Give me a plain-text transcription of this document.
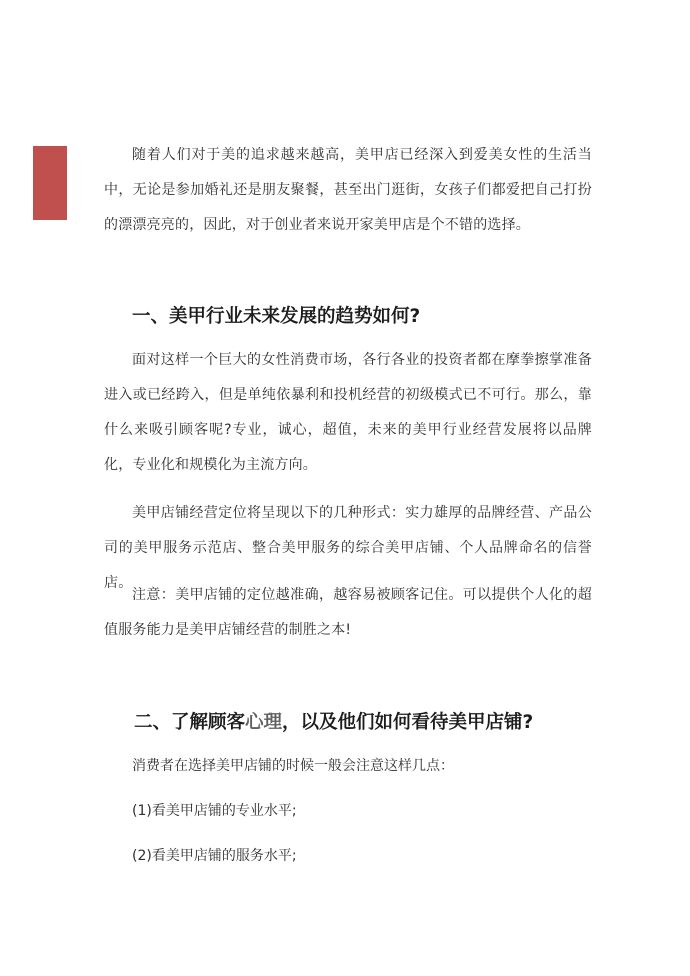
随着人们对于美的追求越来越高，美甲店已经深入到爱美女性的生活当中，无论是参加婚礼还是朋友聚餐，甚至出门逛街，女孩子们都爱把自己打扮的漂漂亮亮的，因此，对于创业者来说开家美甲店是个不错的选择。

一、美甲行业未来发展的趋势如何?

面对这样一个巨大的女性消费市场，各行各业的投资者都在摩拳擦掌准备进入或已经跨入，但是单纯依暴利和投机经营的初级模式已不可行。那么，靠什么来吸引顾客呢?专业，诚心，超值，未来的美甲行业经营发展将以品牌化，专业化和规模化为主流方向。

美甲店铺经营定位将呈现以下的几种形式：实力雄厚的品牌经营、产品公司的美甲服务示范店、整合美甲服务的综合美甲店铺、个人品牌命名的信誉店。

注意：美甲店铺的定位越准确，越容易被顾客记住。可以提供个人化的超值服务能力是美甲店铺经营的制胜之本!

二、了解顾客心理，以及他们如何看待美甲店铺?

消费者在选择美甲店铺的时候一般会注意这样几点：

(1)看美甲店铺的专业水平;

(2)看美甲店铺的服务水平;
